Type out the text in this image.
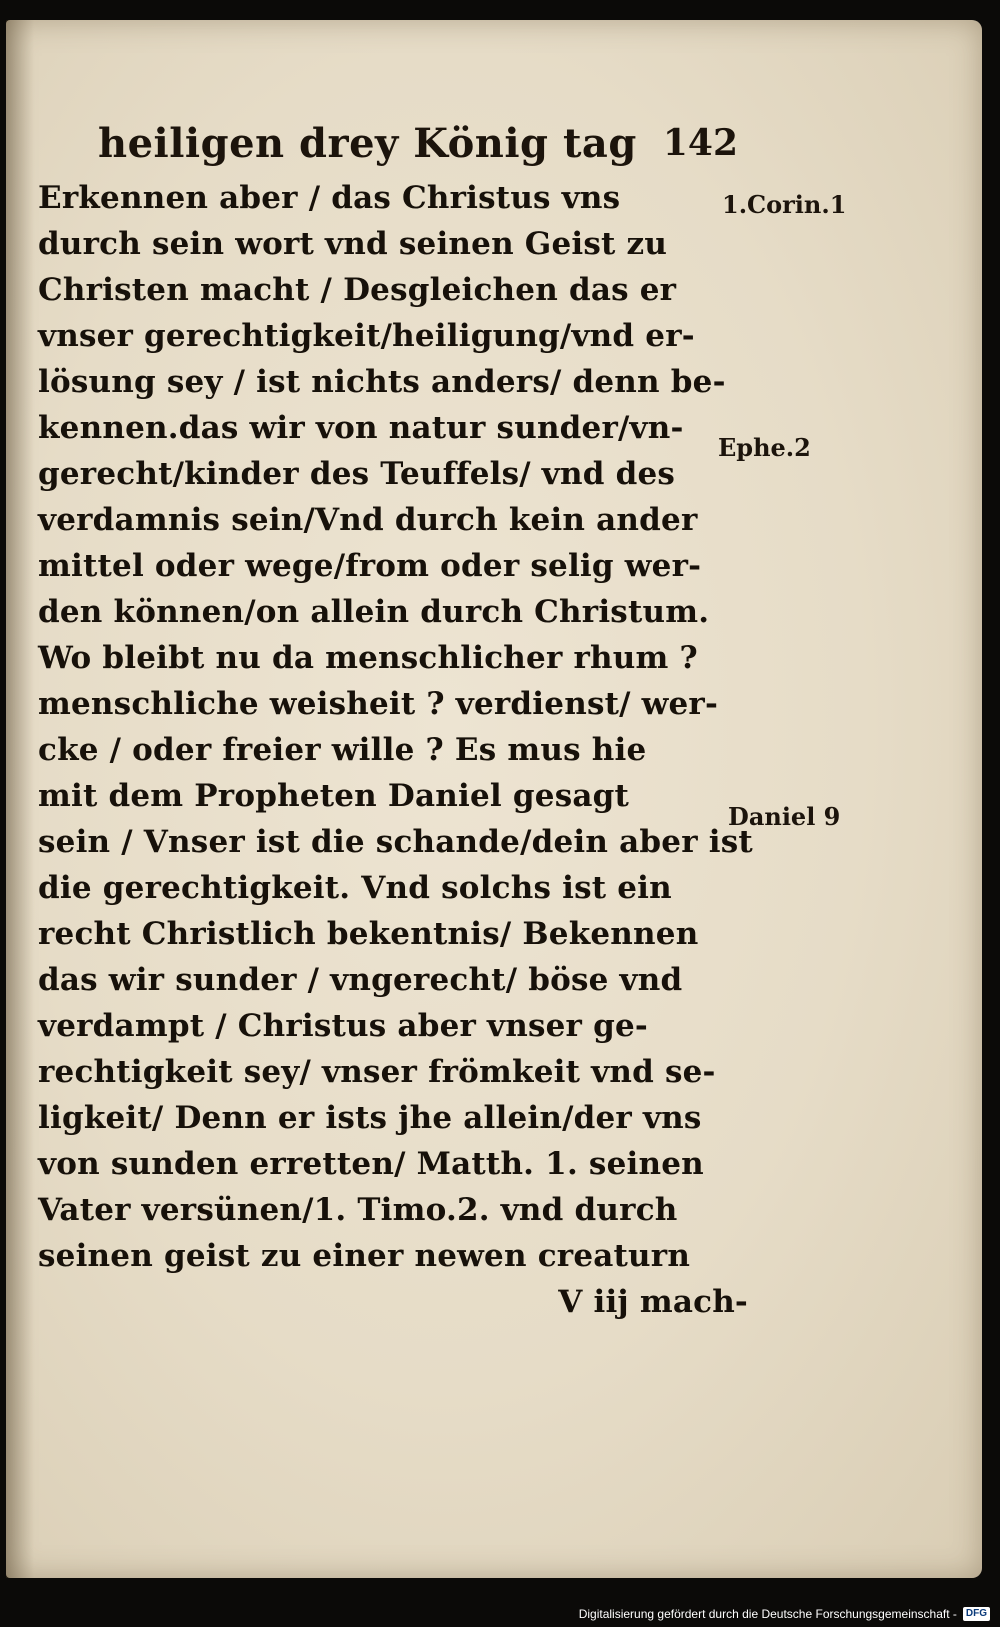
heiligen drey König tag 142
Erkennen aber / das Christus vns
durch sein wort vnd seinen Geist zu
Christen macht / Desgleichen das er
vnser gerechtigkeit/heiligung/vnd er-
lösung sey / ist nichts anders/ denn be-
kennen.das wir von natur sunder/vn-
gerecht/kinder des Teuffels/ vnd des
verdamnis sein/Vnd durch kein ander
mittel oder wege/from oder selig wer-
den können/on allein durch Christum.
Wo bleibt nu da menschlicher rhum ?
menschliche weisheit ? verdienst/ wer-
cke / oder freier wille ? Es mus hie
mit dem Propheten Daniel gesagt
sein / Vnser ist die schande/dein aber ist
die gerechtigkeit. Vnd solchs ist ein
recht Christlich bekentnis/ Bekennen
das wir sunder / vngerecht/ böse vnd
verdampt / Christus aber vnser ge-
rechtigkeit sey/ vnser frömkeit vnd se-
ligkeit/ Denn er ists jhe allein/der vns
von sunden erretten/ Matth. 1. seinen
Vater versünen/1. Timo.2. vnd durch
seinen geist zu einer newen creaturn
V iij mach-
1.Corin.1
Ephe.2
Daniel 9
Digitalisierung gefördert durch die Deutsche Forschungsgemeinschaft - DFG
